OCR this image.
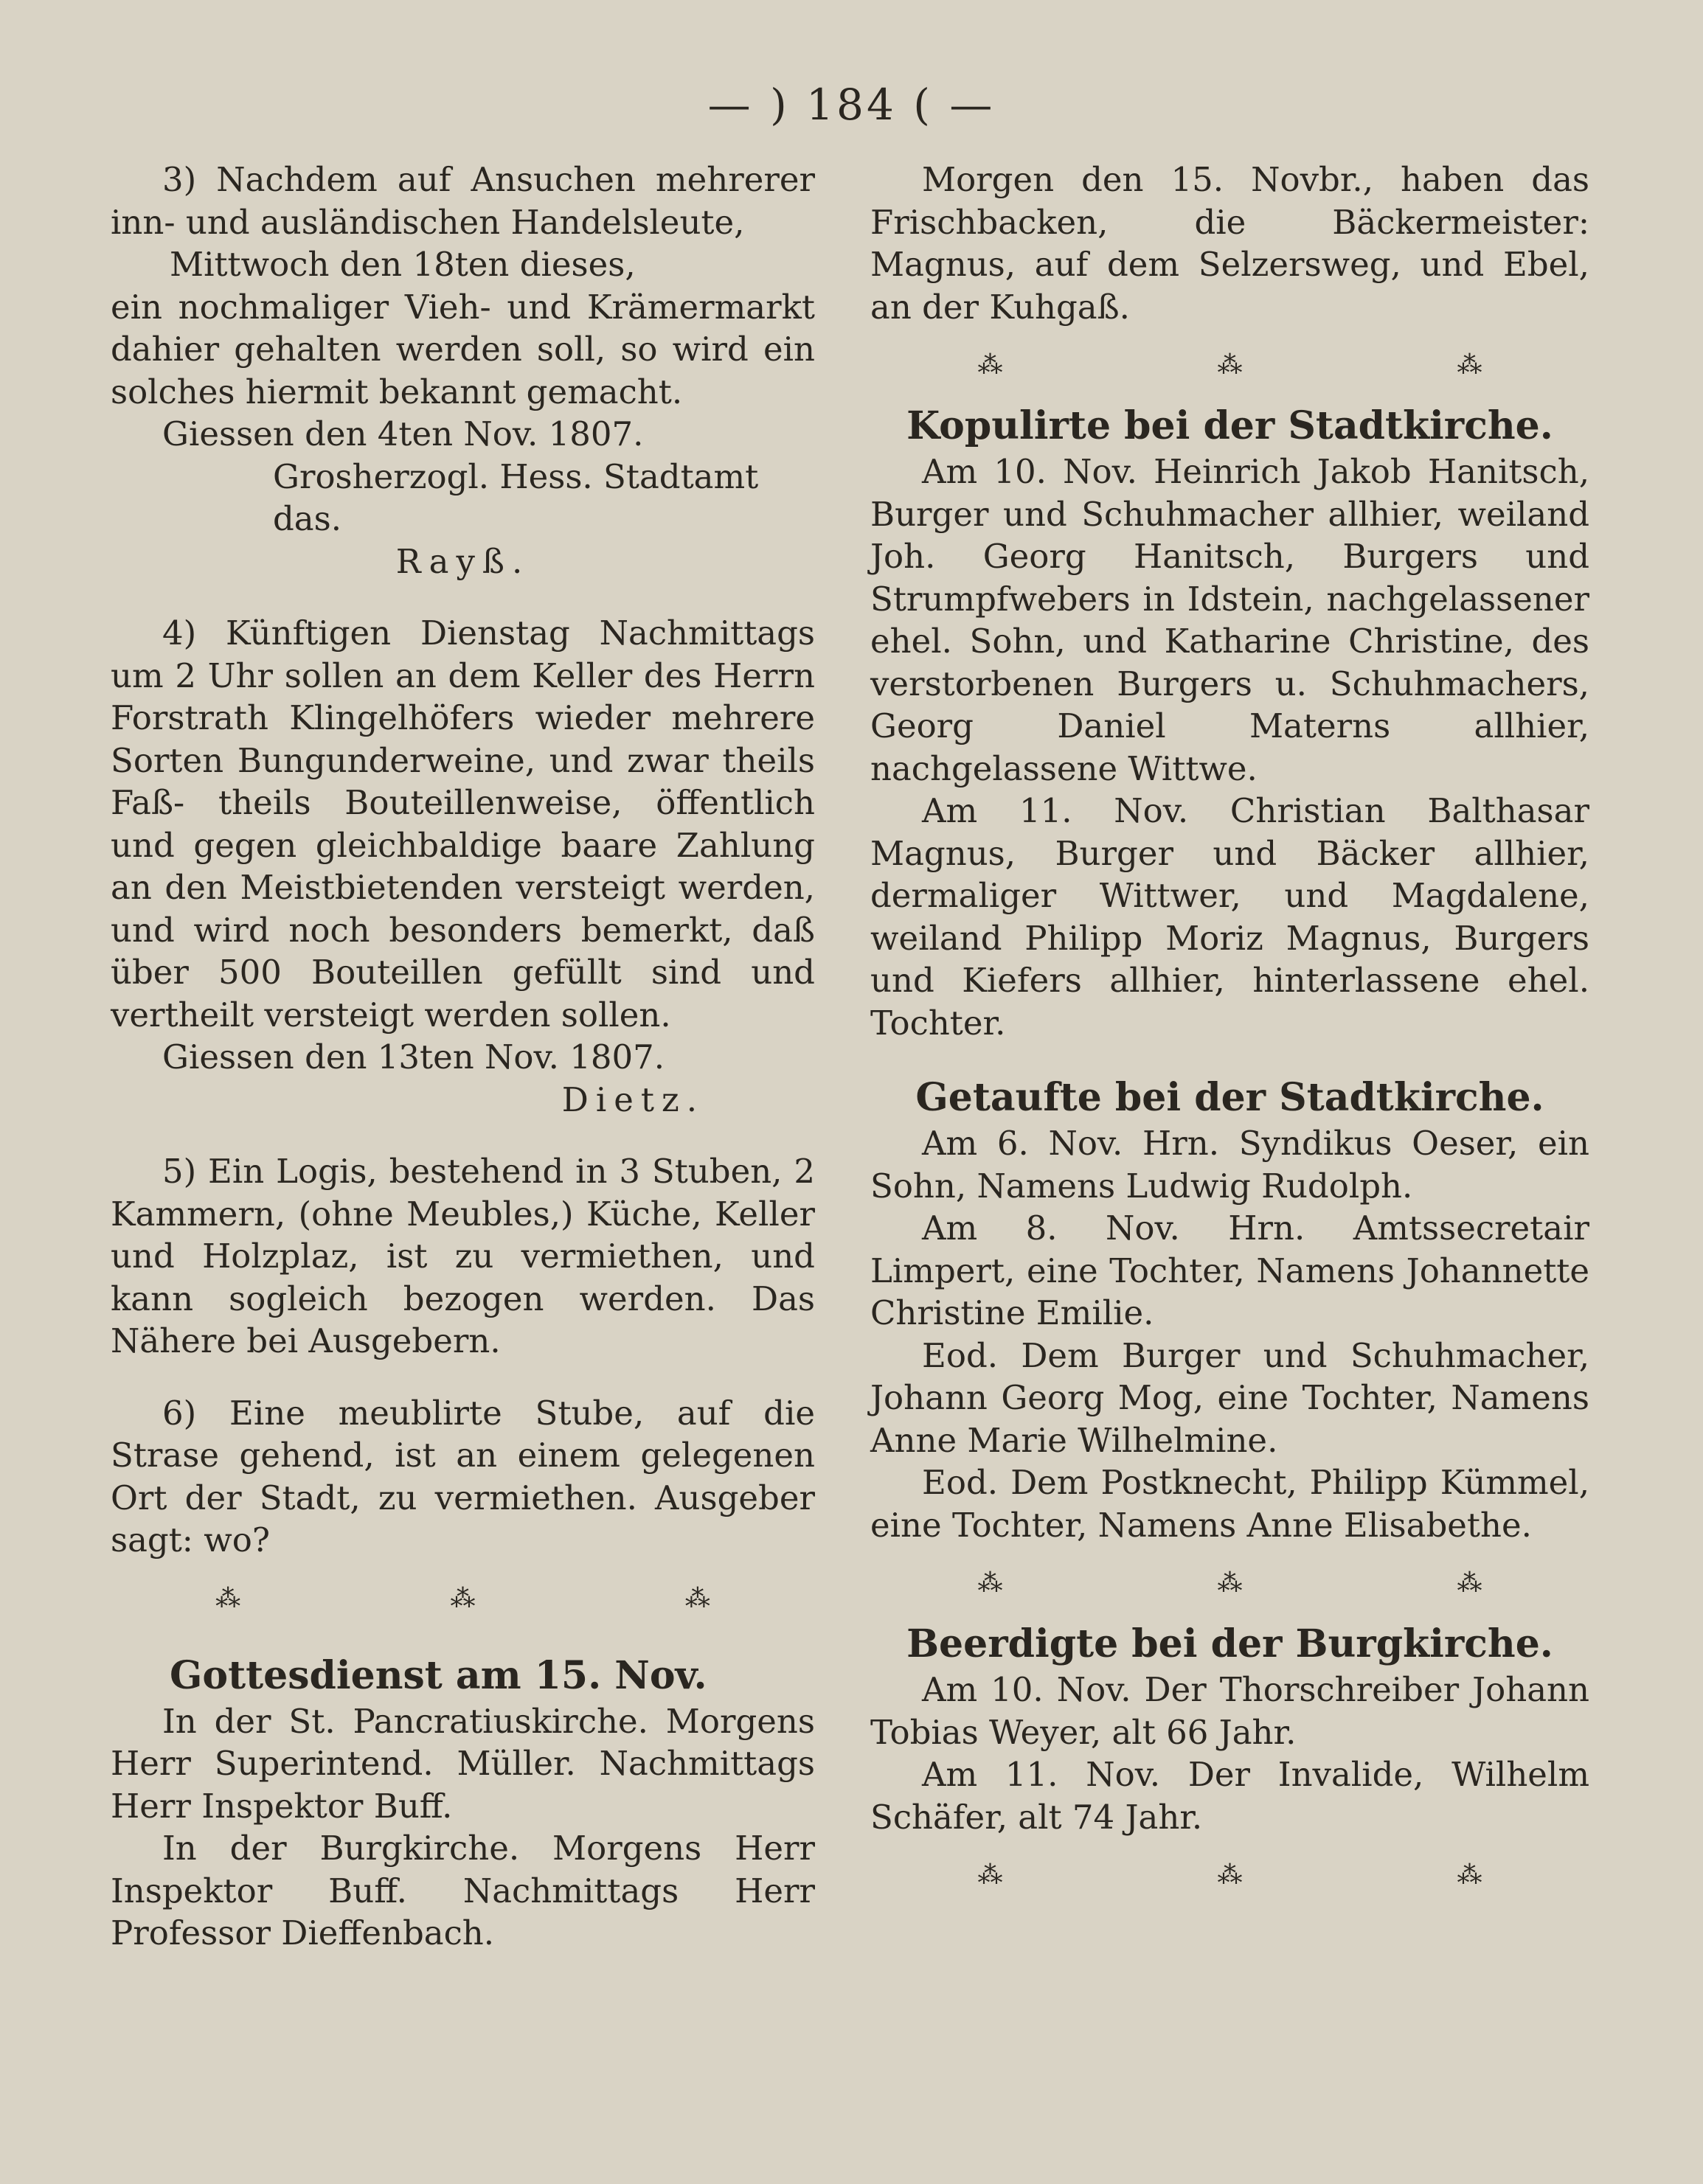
— ) 184 ( —

3) Nachdem auf Ansuchen mehrerer inn- und ausländischen Handelsleute,

Mittwoch den 18ten dieses,

ein nochmaliger Vieh- und Krämermarkt dahier gehalten werden soll, so wird ein solches hiermit bekannt gemacht.

Giessen den 4ten Nov. 1807.

Grosherzogl. Hess. Stadtamt das.

Rayß.

4) Künftigen Dienstag Nachmittags um 2 Uhr sollen an dem Keller des Herrn Forstrath Klingelhöfers wieder mehrere Sorten Bungunderweine, und zwar theils Faß- theils Bouteillenweise, öffentlich und gegen gleichbaldige baare Zahlung an den Meistbietenden versteigt werden, und wird noch besonders bemerkt, daß über 500 Bouteillen gefüllt sind und vertheilt versteigt werden sollen.

Giessen den 13ten Nov. 1807.

Dietz.

5) Ein Logis, bestehend in 3 Stuben, 2 Kammern, (ohne Meubles,) Küche, Keller und Holzplaz, ist zu vermiethen, und kann sogleich bezogen werden. Das Nähere bei Ausgebern.

6) Eine meublirte Stube, auf die Strase gehend, ist an einem gelegenen Ort der Stadt, zu vermiethen. Ausgeber sagt: wo?

⁂	⁂	⁂
Gottesdienst am 15. Nov.

In der St. Pancratiuskirche. Morgens Herr Superintend. Müller. Nachmittags Herr Inspektor Buff.

In der Burgkirche. Morgens Herr Inspektor Buff. Nachmittags Herr Professor Dieffenbach.

Morgen den 15. Novbr., haben das Frischbacken, die Bäckermeister: Magnus, auf dem Selzersweg, und Ebel, an der Kuhgaß.

⁂	⁂	⁂
Kopulirte bei der Stadtkirche.

Am 10. Nov. Heinrich Jakob Hanitsch, Burger und Schuhmacher allhier, weiland Joh. Georg Hanitsch, Burgers und Strumpfwebers in Idstein, nachgelassener ehel. Sohn, und Katharine Christine, des verstorbenen Burgers u. Schuhmachers, Georg Daniel Materns allhier, nachgelassene Wittwe.

Am 11. Nov. Christian Balthasar Magnus, Burger und Bäcker allhier, dermaliger Wittwer, und Magdalene, weiland Philipp Moriz Magnus, Burgers und Kiefers allhier, hinterlassene ehel. Tochter.

Getaufte bei der Stadtkirche.

Am 6. Nov. Hrn. Syndikus Oeser, ein Sohn, Namens Ludwig Rudolph.

Am 8. Nov. Hrn. Amtssecretair Limpert, eine Tochter, Namens Johannette Christine Emilie.

Eod. Dem Burger und Schuhmacher, Johann Georg Mog, eine Tochter, Namens Anne Marie Wilhelmine.

Eod. Dem Postknecht, Philipp Kümmel, eine Tochter, Namens Anne Elisabethe.

⁂	⁂	⁂
Beerdigte bei der Burgkirche.

Am 10. Nov. Der Thorschreiber Johann Tobias Weyer, alt 66 Jahr.

Am 11. Nov. Der Invalide, Wilhelm Schäfer, alt 74 Jahr.

⁂	⁂	⁂
